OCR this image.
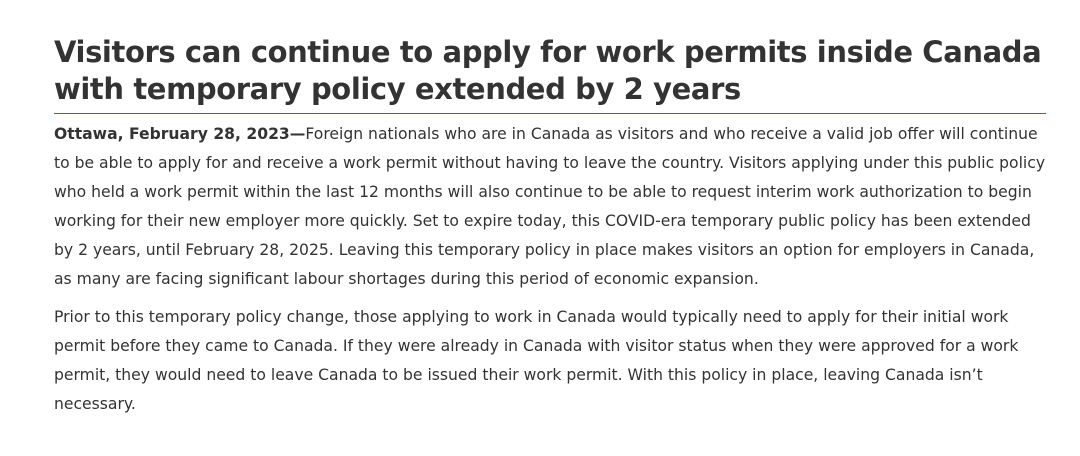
Visitors can continue to apply for work permits inside Canada with temporary policy extended by 2 years

Ottawa, February 28, 2023—Foreign nationals who are in Canada as visitors and who receive a valid job offer will continue to be able to apply for and receive a work permit without having to leave the country. Visitors applying under this public policy who held a work permit within the last 12 months will also continue to be able to request interim work authorization to begin working for their new employer more quickly. Set to expire today, this COVID-era temporary public policy has been extended by 2 years, until February 28, 2025. Leaving this temporary policy in place makes visitors an option for employers in Canada, as many are facing significant labour shortages during this period of economic expansion.

Prior to this temporary policy change, those applying to work in Canada would typically need to apply for their initial work permit before they came to Canada. If they were already in Canada with visitor status when they were approved for a work permit, they would need to leave Canada to be issued their work permit. With this policy in place, leaving Canada isn’t necessary.
